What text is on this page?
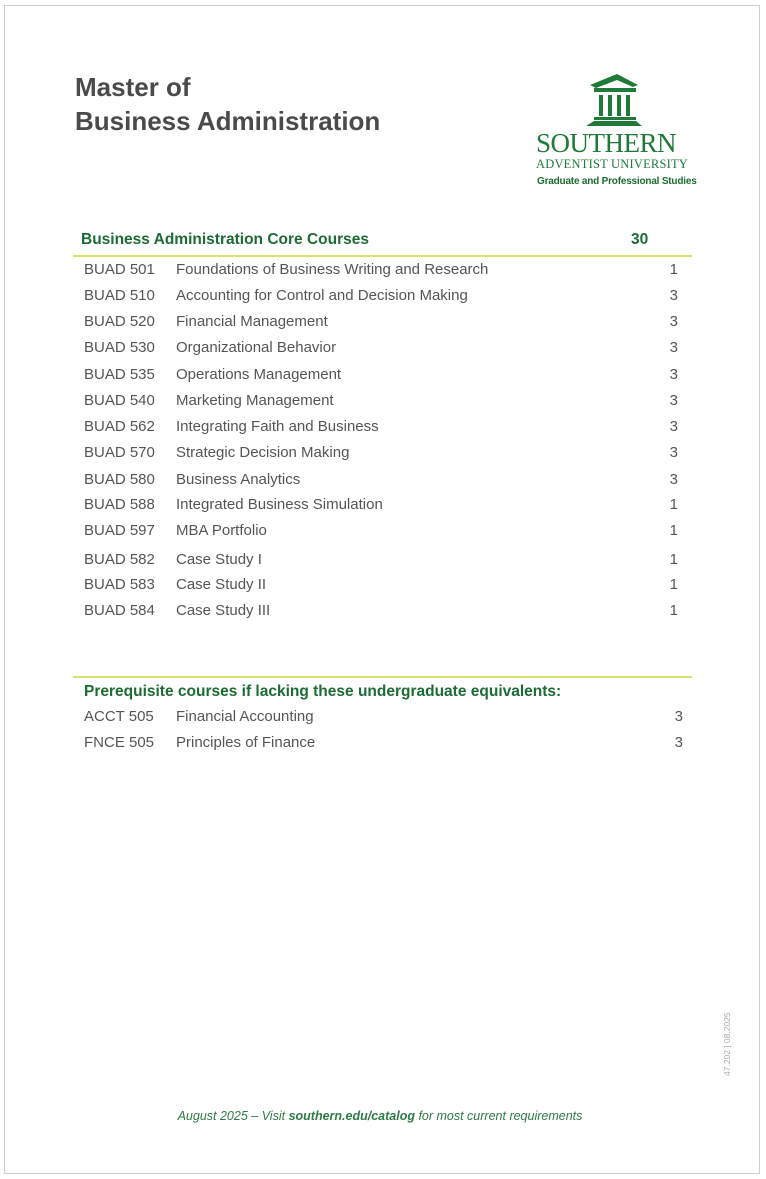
Master of
Business Administration
SOUTHERN
ADVENTIST UNIVERSITY
Graduate and Professional Studies
Business Administration Core Courses	30
BUAD 501 Foundations of Business Writing and Research	1
BUAD 510 Accounting for Control and Decision Making	3
BUAD 520 Financial Management	3
BUAD 530 Organizational Behavior	3
BUAD 535 Operations Management	3
BUAD 540 Marketing Management	3
BUAD 562 Integrating Faith and Business	3
BUAD 570 Strategic Decision Making	3
BUAD 580 Business Analytics	3
BUAD 588 Integrated Business Simulation	1
BUAD 597 MBA Portfolio	1
BUAD 582 Case Study I	1
BUAD 583 Case Study II	1
BUAD 584 Case Study III	1
Prerequisite courses if lacking these undergraduate equivalents:
ACCT 505 Financial Accounting	3
FNCE 505 Principles of Finance	3
August 2025 – Visit southern.edu/catalog for most current requirements
47.202 | 08.2025
